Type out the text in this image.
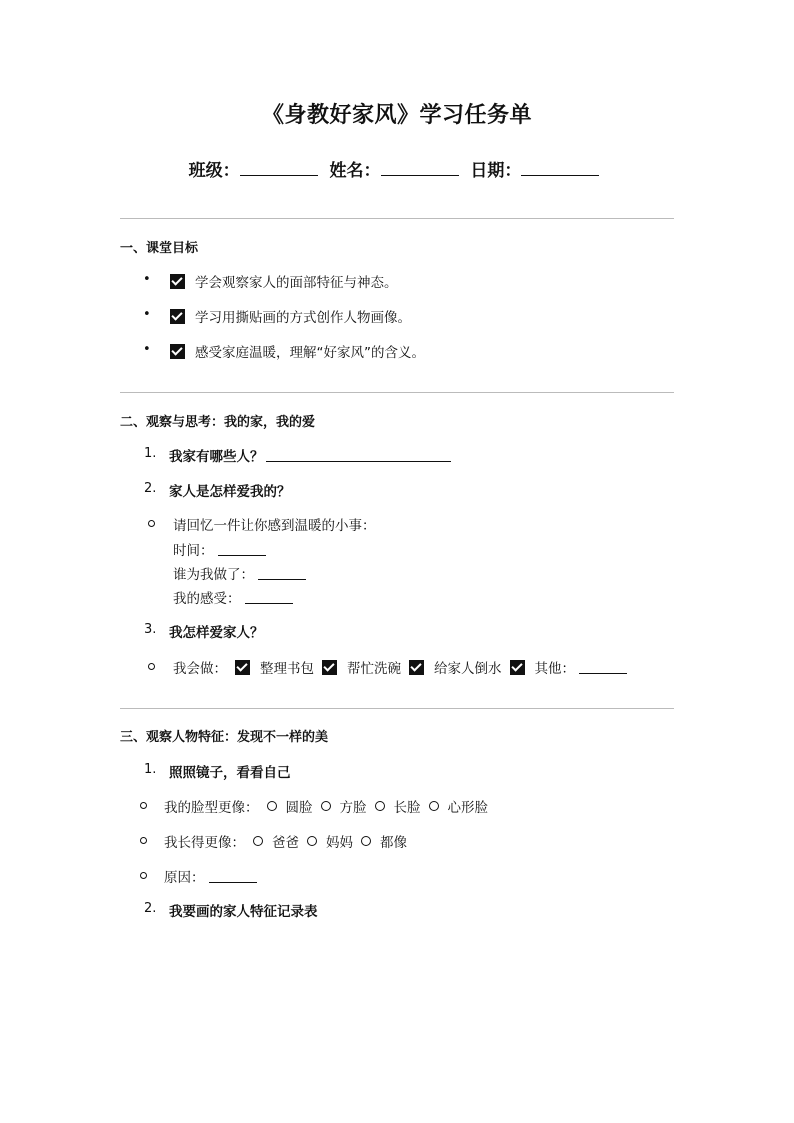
《身教好家风》学习任务单
班级：	姓名：	日期：
一、课堂目标
•	学会观察家人的面部特征与神态。
•	学习用撕贴画的方式创作人物画像。
•	感受家庭温暖，理解“好家风”的含义。
二、观察与思考：我的家，我的爱
1. 我家有哪些人？
2. 家人是怎样爱我的？
请回忆一件让你感到温暖的小事：
时间：
谁为我做了：
我的感受：
3. 我怎样爱家人？
我会做： 整理书包 帮忙洗碗 给家人倒水 其他：
三、观察人物特征：发现不一样的美
1. 照照镜子，看看自己
我的脸型更像： 圆脸 方脸 长脸 心形脸
我长得更像： 爸爸 妈妈 都像
原因：
2. 我要画的家人特征记录表
